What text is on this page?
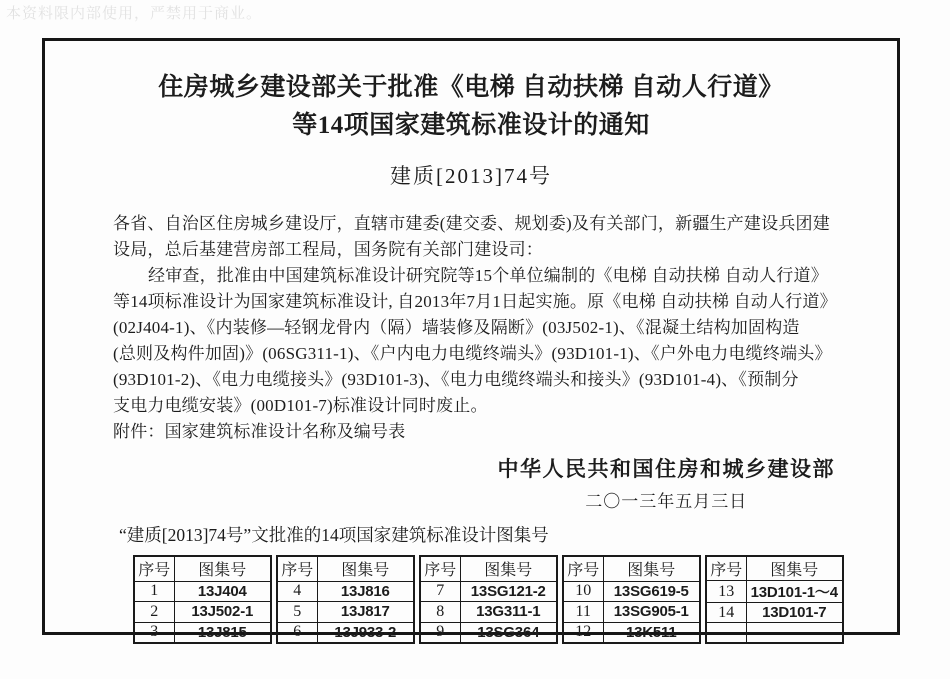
本资料限内部使用，严禁用于商业。
住房城乡建设部关于批准《电梯 自动扶梯 自动人行道》
等14项国家建筑标准设计的通知
建质[2013]74号
各省、自治区住房城乡建设厅，直辖市建委(建交委、规划委)及有关部门，新疆生产建设兵团建
设局，总后基建营房部工程局，国务院有关部门建设司：
经审查，批准由中国建筑标准设计研究院等15个单位编制的《电梯 自动扶梯 自动人行道》
等14项标准设计为国家建筑标准设计, 自2013年7月1日起实施。原《电梯 自动扶梯 自动人行道》
(02J404-1)、《内装修—轻钢龙骨内（隔）墙装修及隔断》(03J502-1)、《混凝土结构加固构造
(总则及构件加固)》(06SG311-1)、《户内电力电缆终端头》(93D101-1)、《户外电力电缆终端头》
(93D101-2)、《电力电缆接头》(93D101-3)、《电力电缆终端头和接头》(93D101-4)、《预制分
支电力电缆安装》(00D101-7)标准设计同时废止。
附件：国家建筑标准设计名称及编号表
中华人民共和国住房和城乡建设部
二〇一三年五月三日
“建质[2013]74号”文批准的14项国家建筑标准设计图集号
序号	图集号
1	13J404
2	13J502-1
3	13J815
序号	图集号
4	13J816
5	13J817
6	13J933-2
序号	图集号
7	13SG121-2
8	13G311-1
9	13SG364
序号	图集号
10	13SG619-5
11	13SG905-1
12	13K511
序号	图集号
13	13D101-1～4
14	13D101-7
